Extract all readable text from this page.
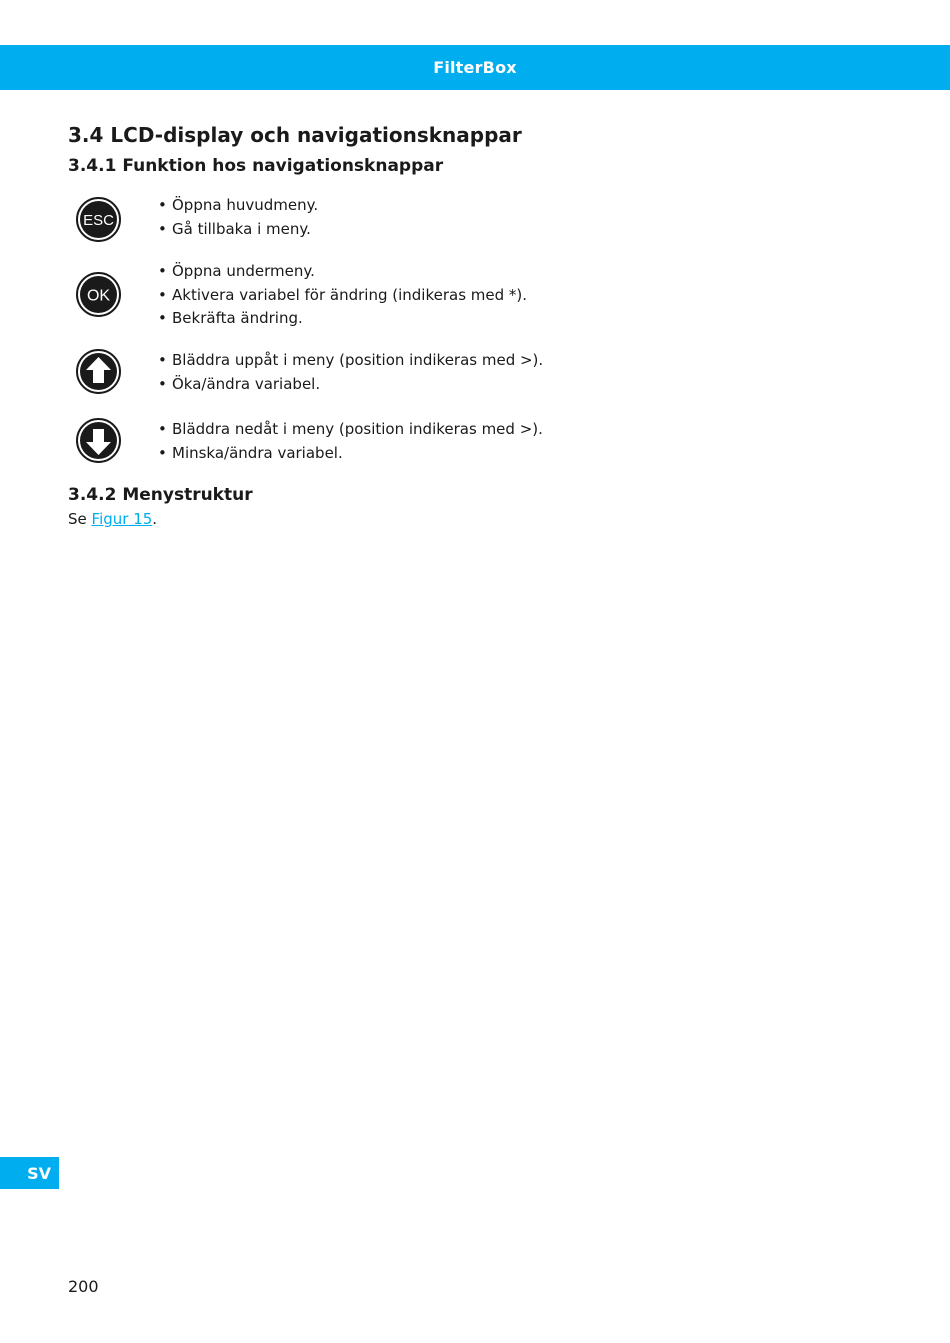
FilterBox
3.4 LCD-display och navigationsknappar
3.4.1 Funktion hos navigationsknappar
ESC
• Öppna huvudmeny.
• Gå tillbaka i meny.
OK
• Öppna undermeny.
• Aktivera variabel för ändring (indikeras med *).
• Bekräfta ändring.
• Bläddra uppåt i meny (position indikeras med >).
• Öka/ändra variabel.
• Bläddra nedåt i meny (position indikeras med >).
• Minska/ändra variabel.
3.4.2 Menystruktur

Se Figur 15.

SV

200
